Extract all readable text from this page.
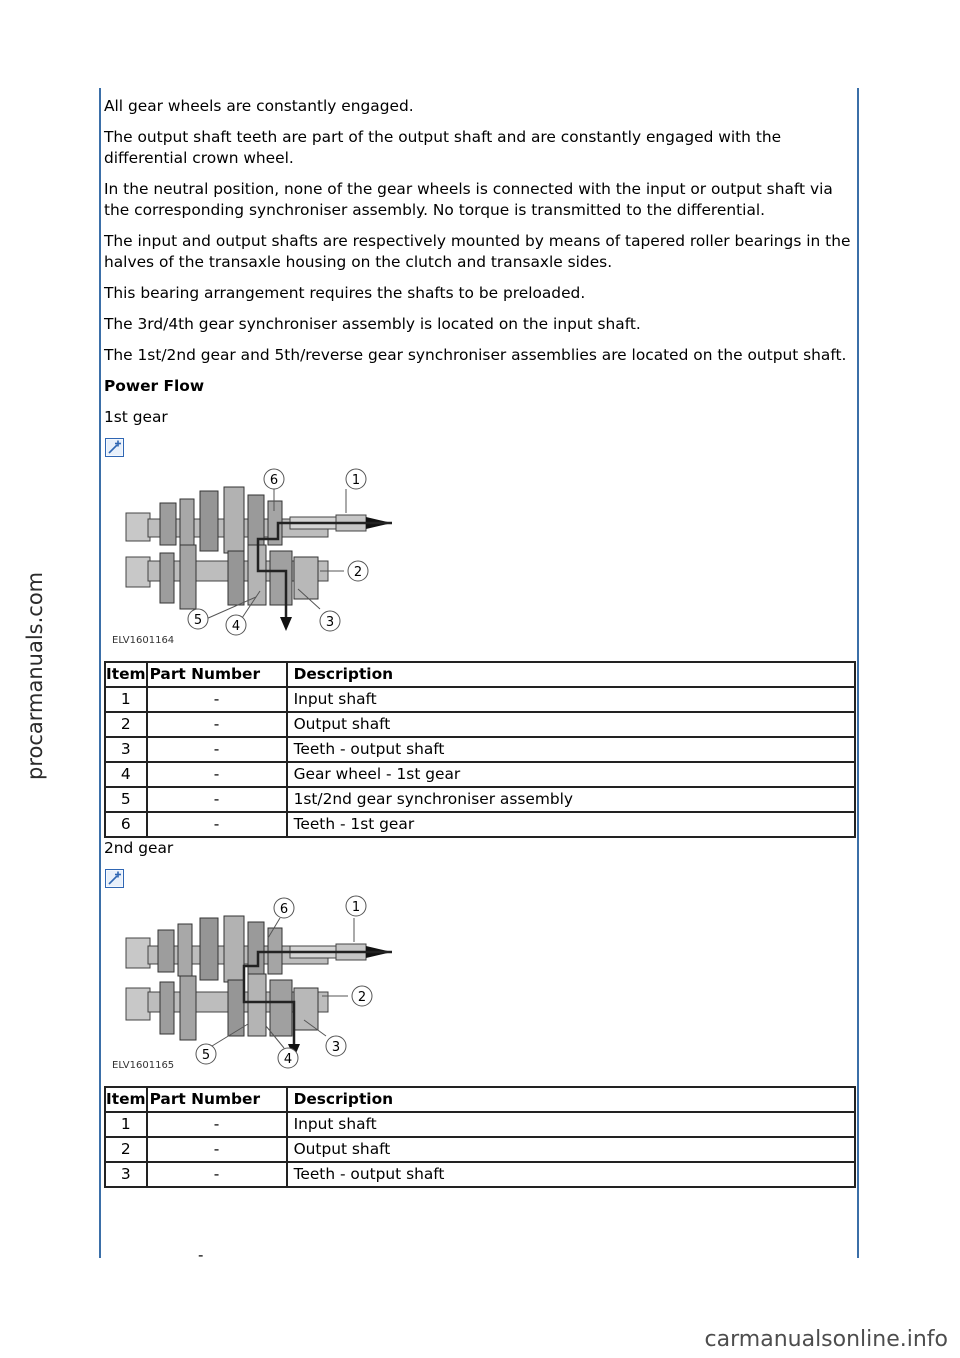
procarmanuals.com

All gear wheels are constantly engaged.

The output shaft teeth are part of the output shaft and are constantly engaged with the differential crown wheel.

In the neutral position, none of the gear wheels is connected with the input or output shaft via the corresponding synchroniser assembly. No torque is transmitted to the differential.

The input and output shafts are respectively mounted by means of tapered roller bearings in the halves of the transaxle housing on the clutch and transaxle sides.

This bearing arrangement requires the shafts to be preloaded.

The 3rd/4th gear synchroniser assembly is located on the input shaft.

The 1st/2nd gear and 5th/reverse gear synchroniser assemblies are located on the output shaft.

Power Flow

1st gear

6	1
2
3
4
5
ELV1601164
Item	Part Number	Description
1	-	Input shaft
2	-	Output shaft
3	-	Teeth - output shaft
4	-	Gear wheel - 1st gear
5	-	1st/2nd gear synchroniser assembly
6	-	Teeth - 1st gear

2nd gear

6	1
2
3
4
5
ELV1601165
Item	Part Number	Description
1	-	Input shaft
2	-	Output shaft
3	-	Teeth - output shaft
-
carmanualsonline.info
